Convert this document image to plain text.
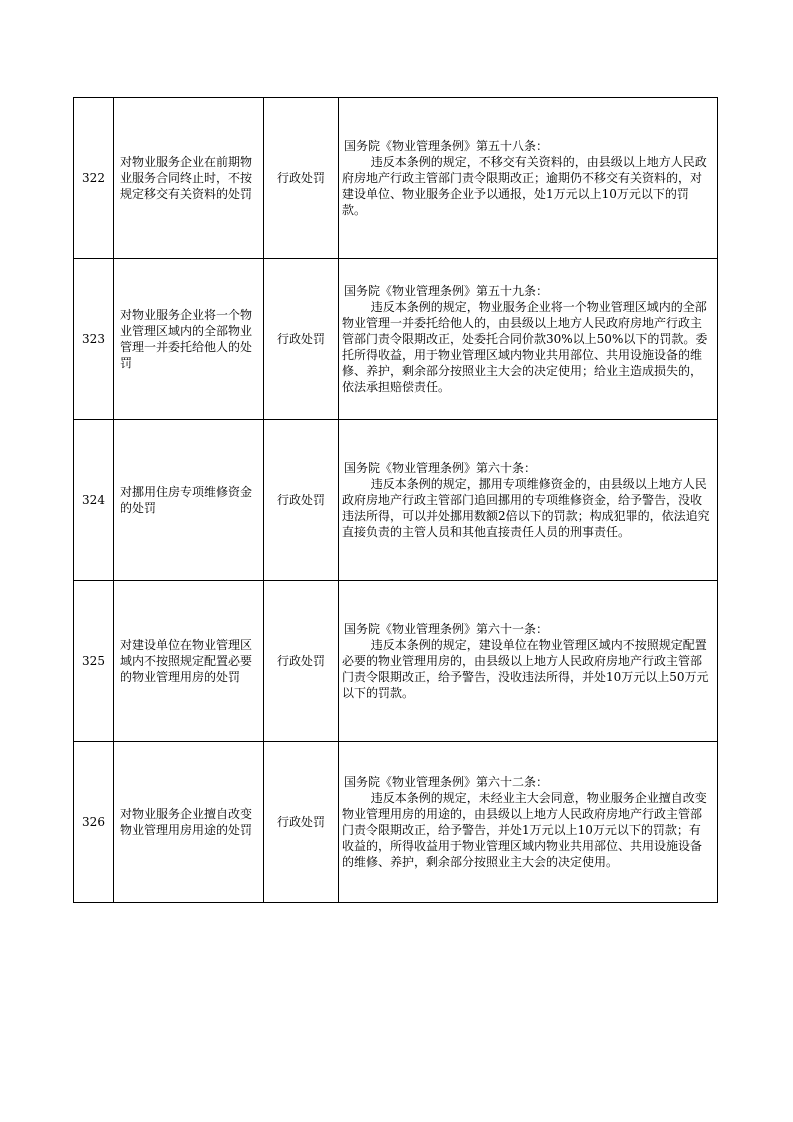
322	对物业服务企业在前期物业服务合同终止时，不按规定移交有关资料的处罚	行政处罚	国务院《物业管理条例》第五十八条：
违反本条例的规定，不移交有关资料的，由县级以上地方人民政府房地产行政主管部门责令限期改正；逾期仍不移交有关资料的，对建设单位、物业服务企业予以通报，处1万元以上10万元以下的罚款。

323	对物业服务企业将一个物业管理区域内的全部物业管理一并委托给他人的处罚	行政处罚	国务院《物业管理条例》第五十九条：
违反本条例的规定，物业服务企业将一个物业管理区域内的全部物业管理一并委托给他人的，由县级以上地方人民政府房地产行政主管部门责令限期改正，处委托合同价款30%以上50%以下的罚款。委托所得收益，用于物业管理区域内物业共用部位、共用设施设备的维修、养护，剩余部分按照业主大会的决定使用；给业主造成损失的，依法承担赔偿责任。

324	对挪用住房专项维修资金的处罚	行政处罚	国务院《物业管理条例》第六十条：
违反本条例的规定，挪用专项维修资金的，由县级以上地方人民政府房地产行政主管部门追回挪用的专项维修资金，给予警告，没收违法所得，可以并处挪用数额2倍以下的罚款；构成犯罪的，依法追究直接负责的主管人员和其他直接责任人员的刑事责任。

325	对建设单位在物业管理区域内不按照规定配置必要的物业管理用房的处罚	行政处罚	国务院《物业管理条例》第六十一条：
违反本条例的规定，建设单位在物业管理区域内不按照规定配置必要的物业管理用房的，由县级以上地方人民政府房地产行政主管部门责令限期改正，给予警告，没收违法所得，并处10万元以上50万元以下的罚款。

326	对物业服务企业擅自改变物业管理用房用途的处罚	行政处罚	国务院《物业管理条例》第六十二条：
违反本条例的规定，未经业主大会同意，物业服务企业擅自改变物业管理用房的用途的，由县级以上地方人民政府房地产行政主管部门责令限期改正，给予警告，并处1万元以上10万元以下的罚款；有收益的，所得收益用于物业管理区域内物业共用部位、共用设施设备的维修、养护，剩余部分按照业主大会的决定使用。
